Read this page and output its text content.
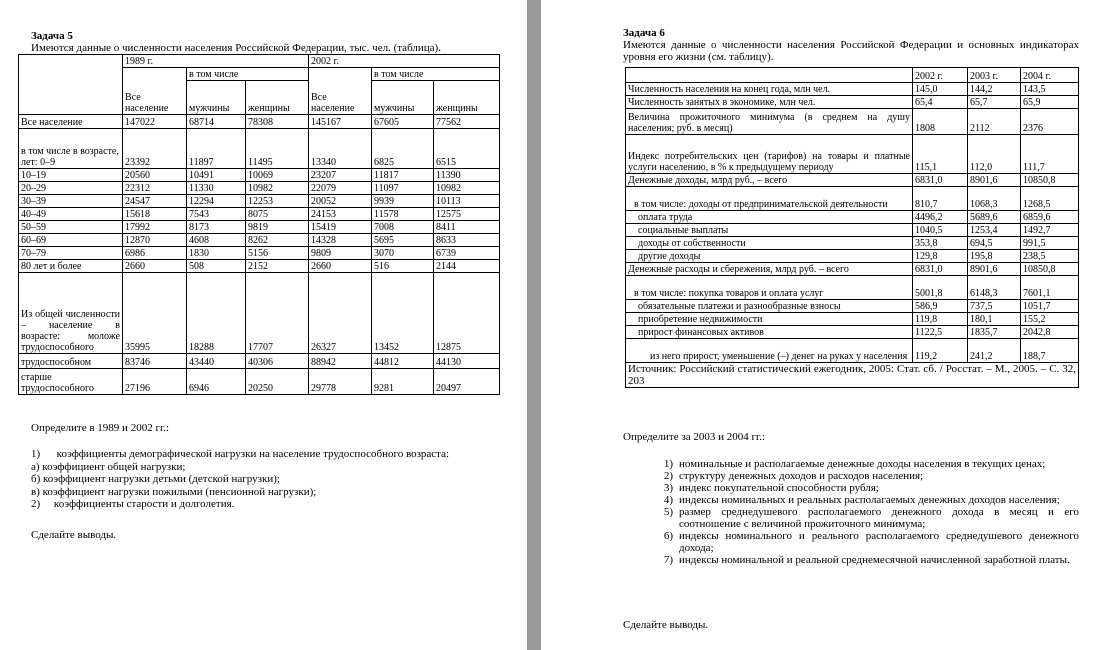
Задача 5
Имеются данные о численности населения Российской Федерации, тыс. чел. (таблица).
	1989 г.			2002 г.		
	Все население	в том числе		Все население	в том числе	
		мужчины	женщины		мужчины	женщины
Все население	147022	68714	78308	145167	67605	77562
в том числе в возрасте, лет: 0–9	23392	11897	11495	13340	6825	6515
10–19	20560	10491	10069	23207	11817	11390
20–29	22312	11330	10982	22079	11097	10982
30–39	24547	12294	12253	20052	9939	10113
40–49	15618	7543	8075	24153	11578	12575
50–59	17992	8173	9819	15419	7008	8411
60–69	12870	4608	8262	14328	5695	8633
70–79	6986	1830	5156	9809	3070	6739
80 лет и более	2660	508	2152	2660	516	2144
Из общей численности – население в возрасте: моложе трудоспособного	35995	18288	17707	26327	13452	12875
трудоспособном	83746	43440	40306	88942	44812	44130
старше трудоспособного	27196	6946	20250	29778	9281	20497
Определите в 1989 и 2002 гг.:

1)      коэффициенты демографической нагрузки на население трудоспособного возраста:

а) коэффициент общей нагрузки;

б) коэффициент нагрузки детьми (детской нагрузки);

в) коэффициент нагрузки пожилыми (пенсионной нагрузки);

2)     коэффициенты старости и долголетия.

Сделайте выводы.
Задача 6
Имеются данные о численности населения Российской Федерации и основных индикаторах уровня его жизни (см. таблицу).
	2002 г.	2003 г.	2004 г.
Численность населения на конец года, млн чел.	145,0	144,2	143,5
Численность занятых в экономике, млн чел.	65,4	65,7	65,9
Величина прожиточного минимума (в среднем на душу населения; руб. в месяц)	1808	2112	2376
Индекс потребительских цен (тарифов) на товары и платные услуги населению, в % к предыдущему периоду	115,1	112,0	111,7
Денежные доходы, млрд руб., – всего	6831,0	8901,6	10850,8
в том числе: доходы от предпринимательской деятельности	810,7	1068,3	1268,5
оплата труда	4496,2	5689,6	6859,6
социальные выплаты	1040,5	1253,4	1492,7
доходы от собственности	353,8	694,5	991,5
другие доходы	129,8	195,8	238,5
Денежные расходы и сбережения, млрд руб. – всего	6831,0	8901,6	10850,8
в том числе: покупка товаров и оплата услуг	5001,8	6148,3	7601,1
обязательные платежи и разнообразные взносы	586,9	737,5	1051,7
приобретение недвижимости	119,8	180,1	155,2
прирост финансовых активов	1122,5	1835,7	2042,8
из него прирост, уменьшение (–) денег на руках у населения	119,2	241,2	188,7
Источник: Российский статистический ежегодник, 2005: Стат. сб. / Росстат. – М., 2005. – С. 32, 203			
Определите за 2003 и 2004 гг.:
1) номинальные и располагаемые денежные доходы населения в текущих ценах;
2) структуру денежных доходов и расходов населения;
3) индекс покупательной способности рубля;
4) индексы номинальных и реальных располагаемых денежных доходов населения;
5) размер среднедушевого располагаемого денежного дохода в месяц и его соотношение с величиной прожиточного минимума;
6) индексы номинального и реального располагаемого среднедушевого денежного дохода;
7) индексы номинальной и реальной среднемесячной начисленной заработной платы.
Сделайте выводы.
